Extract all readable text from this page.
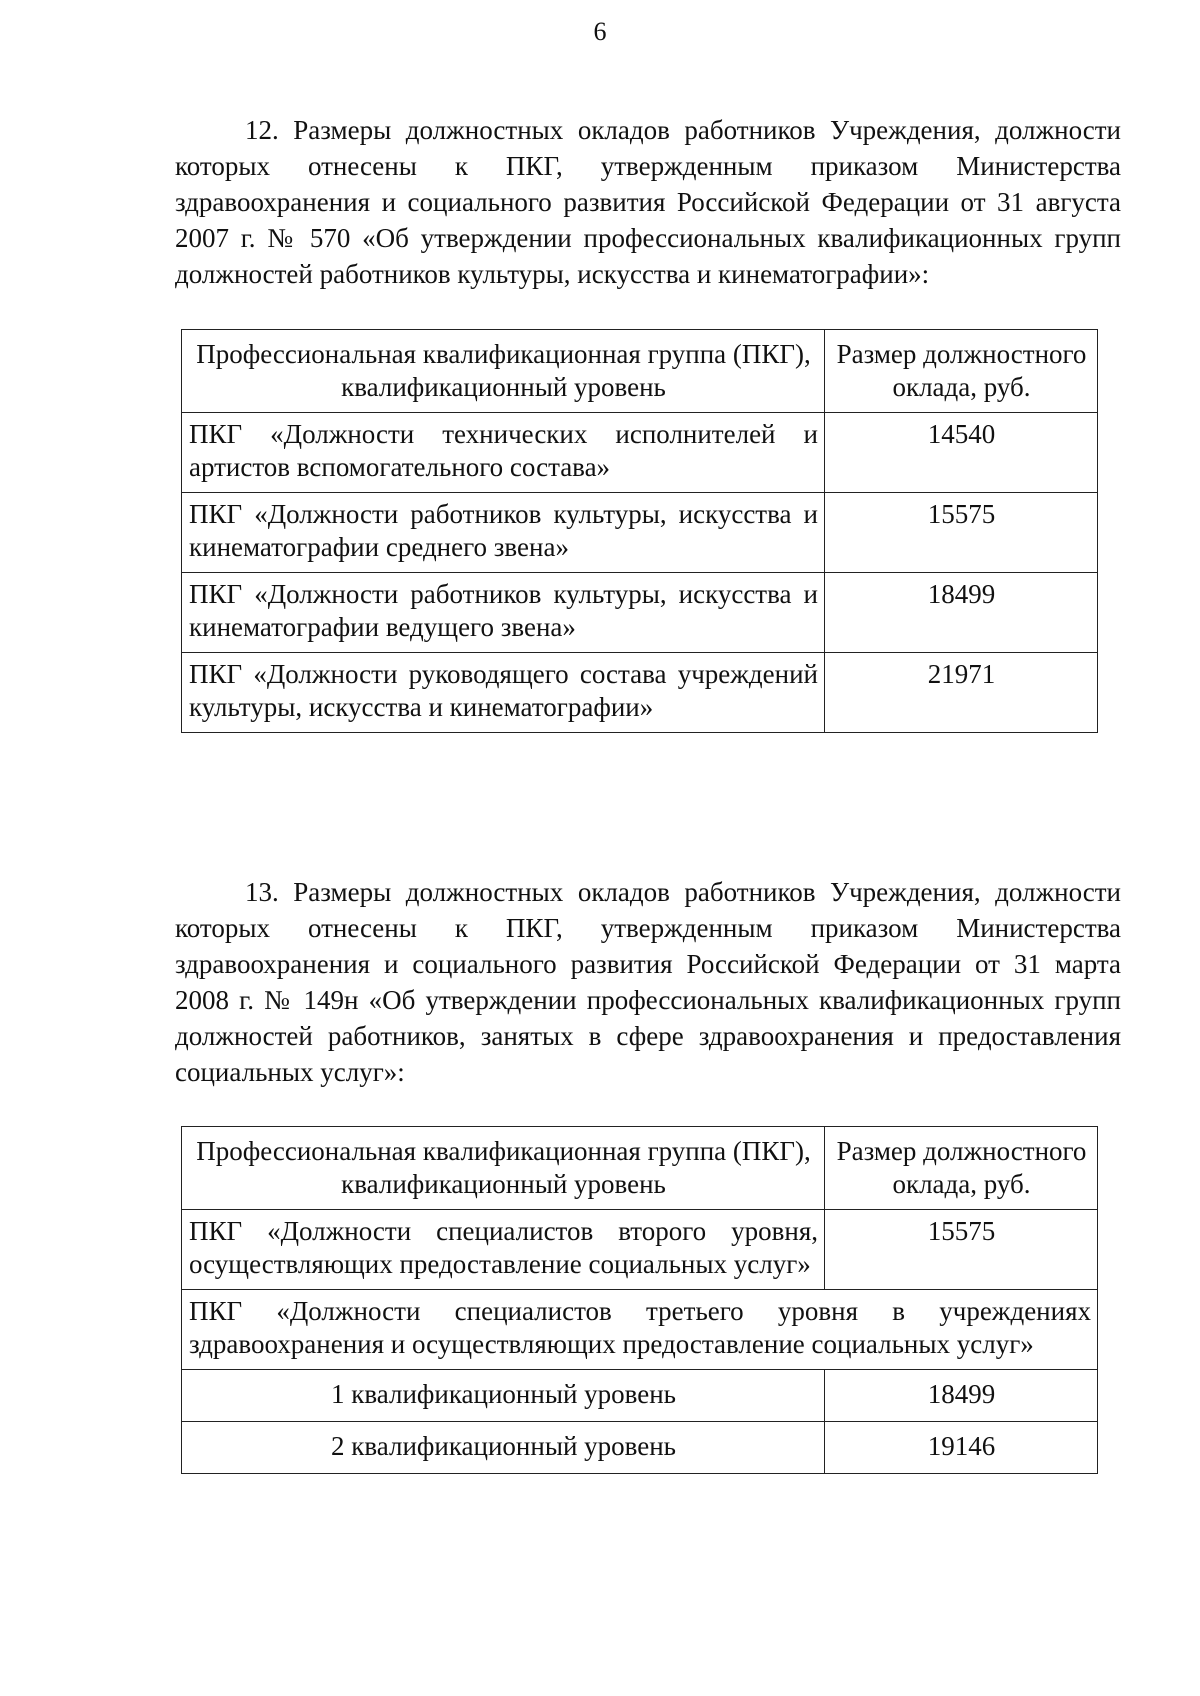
6

12. Размеры должностных окладов работников Учреждения, должности которых отнесены к ПКГ, утвержденным приказом Министерства здравоохранения и социального развития Российской Федерации от 31 августа 2007 г. № 570 «Об утверждении профессиональных квалификационных групп должностей работников культуры, искусства и кинематографии»:

Профессиональная квалификационная группа (ПКГ), квалификационный уровень	Размер должностного оклада, руб.
ПКГ «Должности технических исполнителей и артистов вспомогательного состава»	14540
ПКГ «Должности работников культуры, искусства и кинематографии среднего звена»	15575
ПКГ «Должности работников культуры, искусства и кинематографии ведущего звена»	18499
ПКГ «Должности руководящего состава учреждений культуры, искусства и кинематографии»	21971

13. Размеры должностных окладов работников Учреждения, должности которых отнесены к ПКГ, утвержденным приказом Министерства здравоохранения и социального развития Российской Федерации от 31 марта 2008 г. № 149н «Об утверждении профессиональных квалификационных групп должностей работников, занятых в сфере здравоохранения и предоставления социальных услуг»:

Профессиональная квалификационная группа (ПКГ), квалификационный уровень	Размер должностного оклада, руб.
ПКГ «Должности специалистов второго уровня, осуществляющих предоставление социальных услуг»	15575
ПКГ «Должности специалистов третьего уровня в учреждениях здравоохранения и осуществляющих предоставление социальных услуг»	
1 квалификационный уровень	18499
2 квалификационный уровень	19146
